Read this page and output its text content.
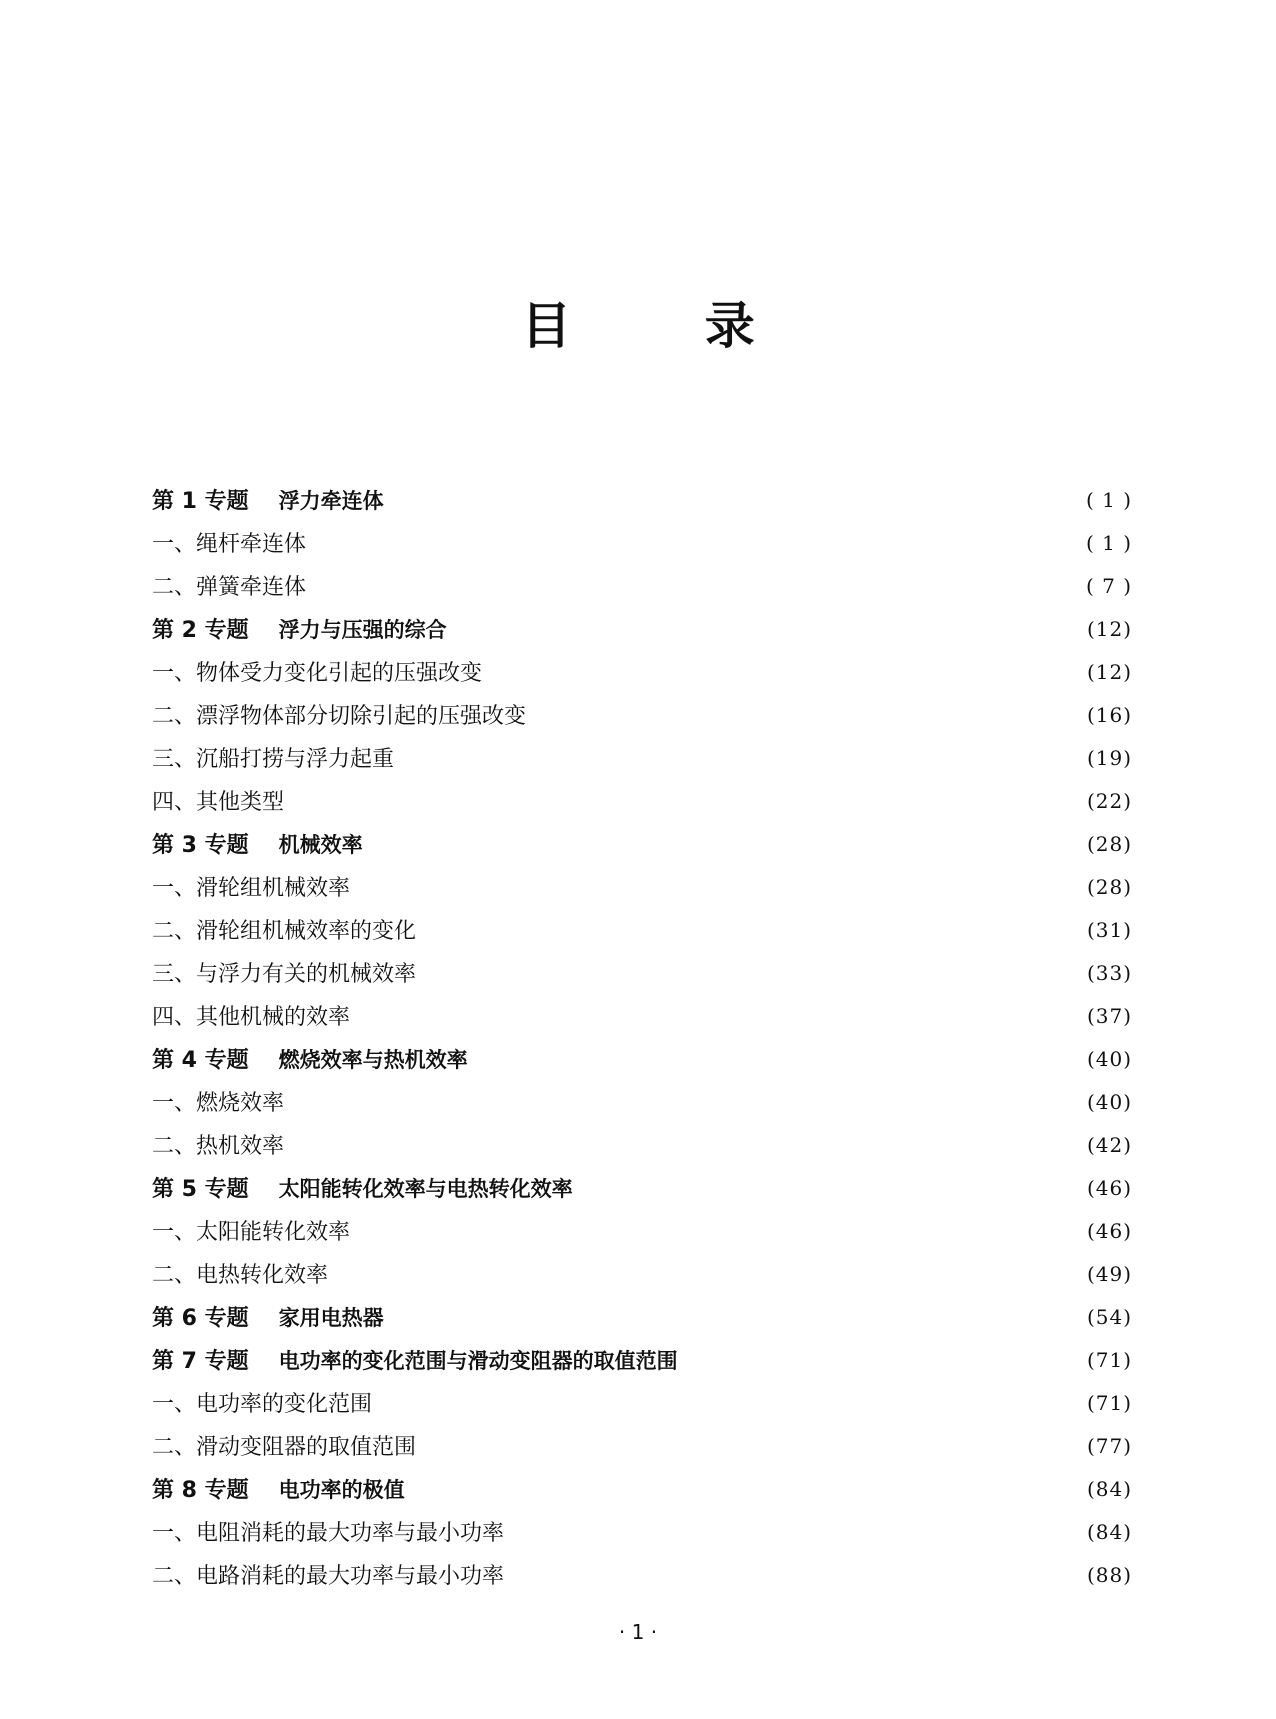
目 录
第 1 专题 浮力牵连体	( 1 )
一、绳杆牵连体	( 1 )
二、弹簧牵连体	( 7 )
第 2 专题 浮力与压强的综合	(12)
一、物体受力变化引起的压强改变	(12)
二、漂浮物体部分切除引起的压强改变	(16)
三、沉船打捞与浮力起重	(19)
四、其他类型	(22)
第 3 专题 机械效率	(28)
一、滑轮组机械效率	(28)
二、滑轮组机械效率的变化	(31)
三、与浮力有关的机械效率	(33)
四、其他机械的效率	(37)
第 4 专题 燃烧效率与热机效率	(40)
一、燃烧效率	(40)
二、热机效率	(42)
第 5 专题 太阳能转化效率与电热转化效率	(46)
一、太阳能转化效率	(46)
二、电热转化效率	(49)
第 6 专题 家用电热器	(54)
第 7 专题 电功率的变化范围与滑动变阻器的取值范围	(71)
一、电功率的变化范围	(71)
二、滑动变阻器的取值范围	(77)
第 8 专题 电功率的极值	(84)
一、电阻消耗的最大功率与最小功率	(84)
二、电路消耗的最大功率与最小功率	(88)
· 1 ·
